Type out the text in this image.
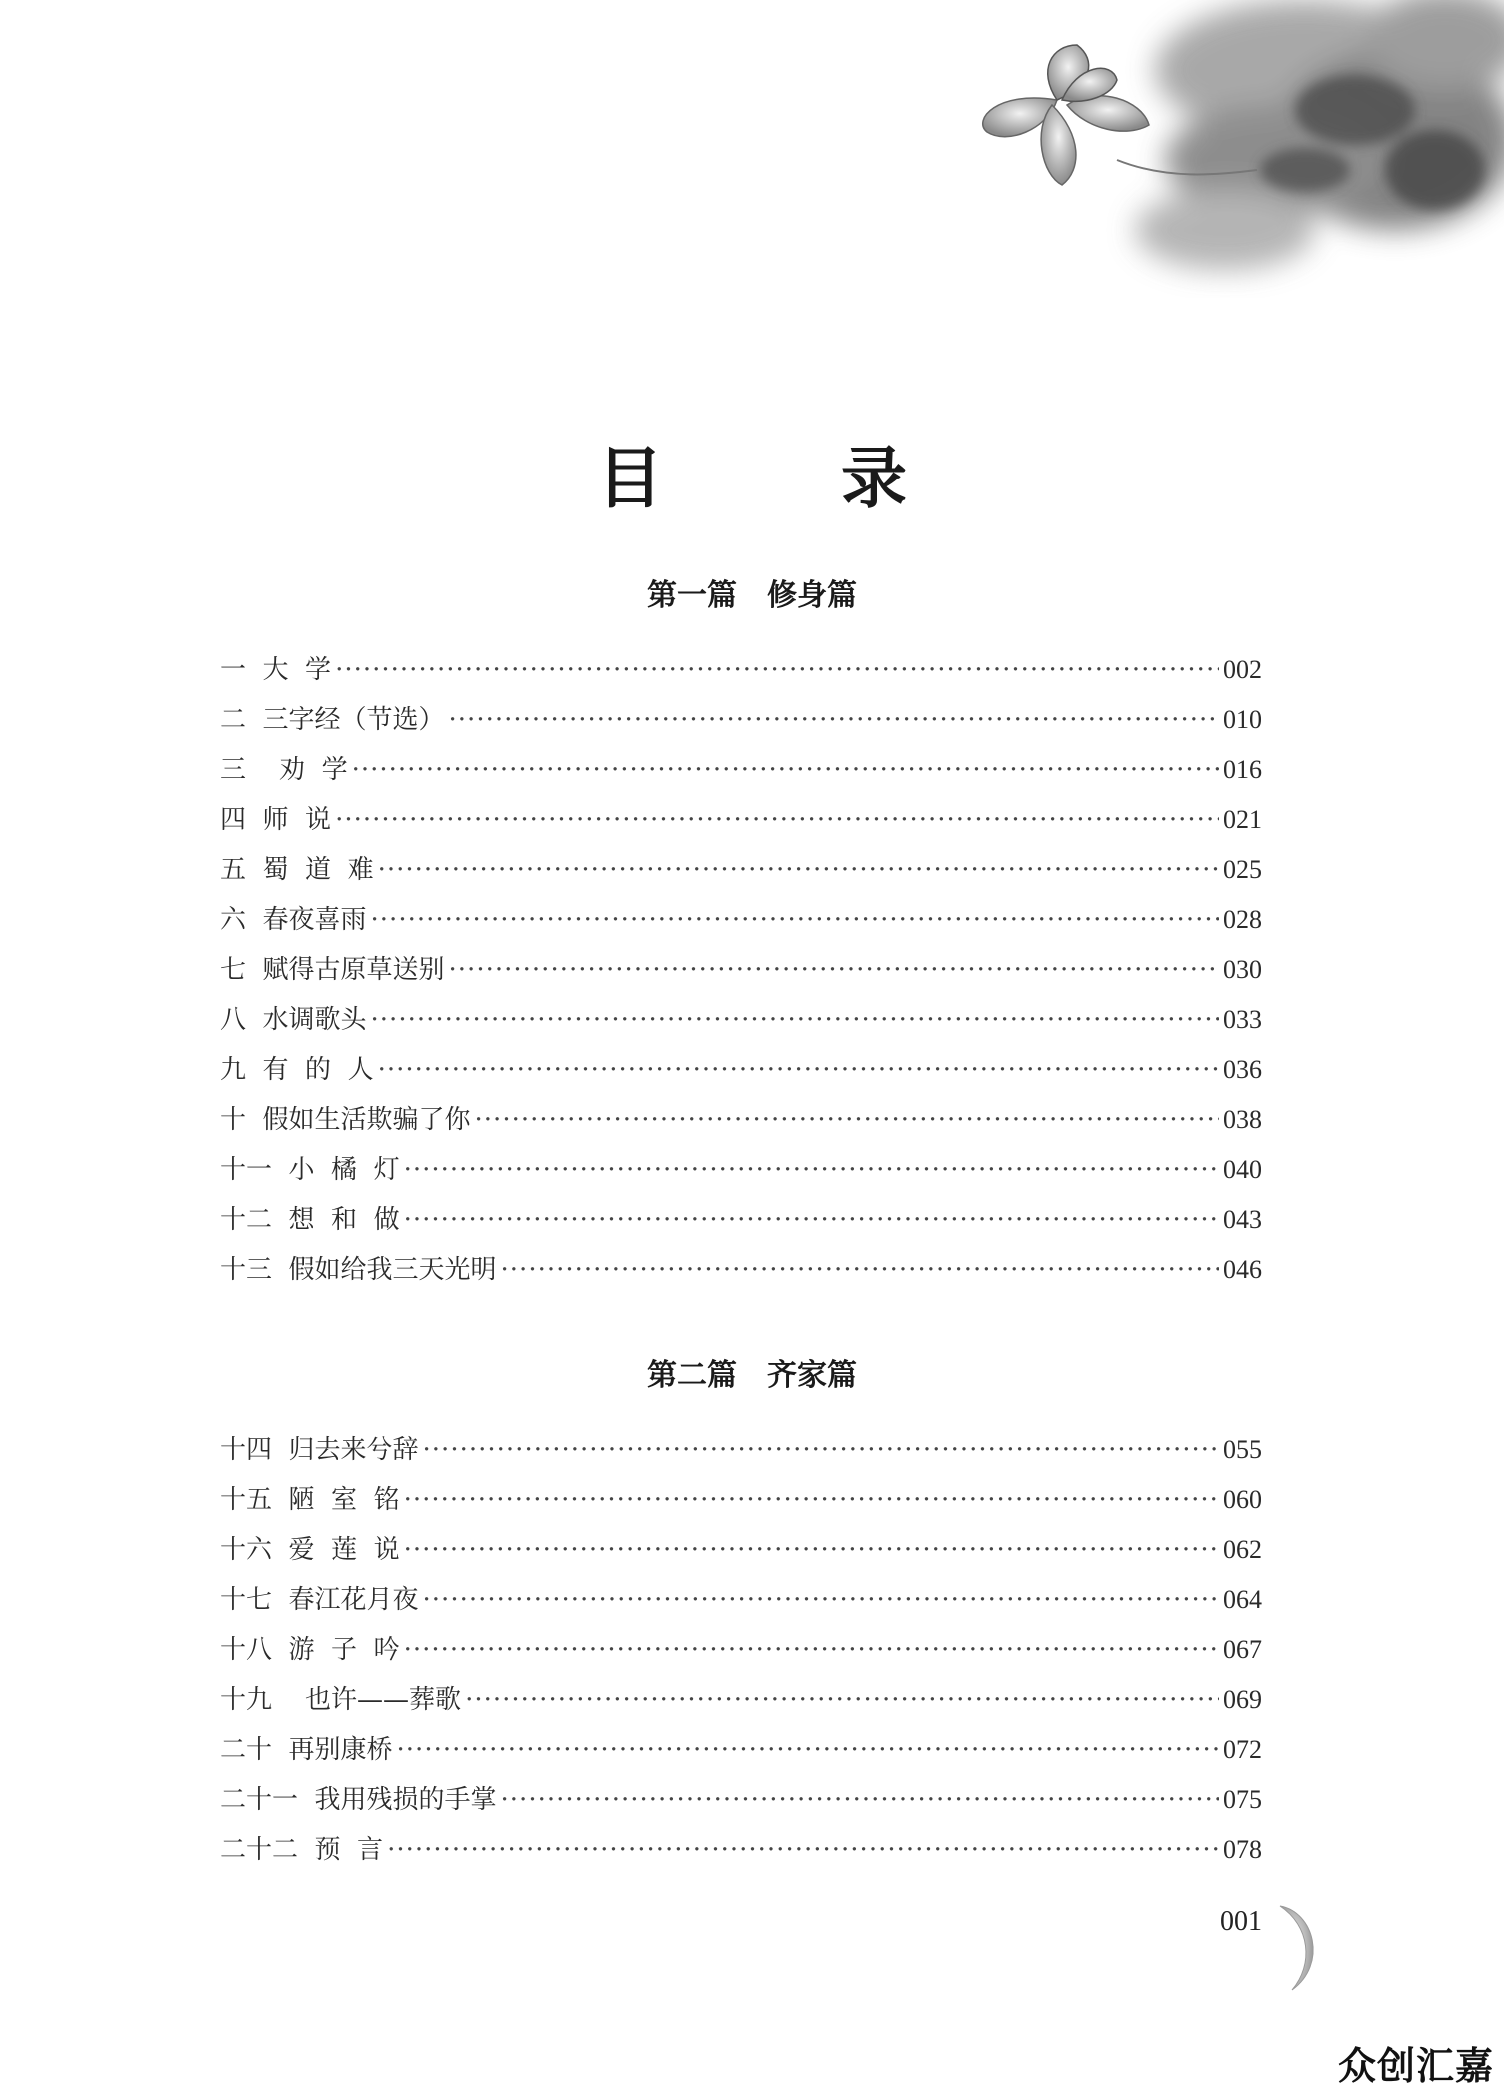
目　录
第一篇　修身篇
一  大  学 ·····	002
二  三字经（节选） ·····	010
三    劝  学 ·····	016
四  师  说 ·····	021
五  蜀  道  难 ·····	025
六  春夜喜雨 ·····	028
七  赋得古原草送别 ·····	030
八  水调歌头 ·····	033
九  有  的  人 ·····	036
十  假如生活欺骗了你 ·····	038
十一  小  橘  灯 ·····	040
十二  想  和  做 ·····	043
十三  假如给我三天光明 ·····	046
第二篇　齐家篇
十四  归去来兮辞 ·····	055
十五  陋  室  铭 ·····	060
十六  爱  莲  说 ·····	062
十七  春江花月夜 ·····	064
十八  游  子  吟 ·····	067
十九    也许——葬歌 ·····	069
二十  再别康桥 ·····	072
二十一  我用残损的手掌 ·····	075
二十二  预  言 ·····	078
001
众创汇嘉
